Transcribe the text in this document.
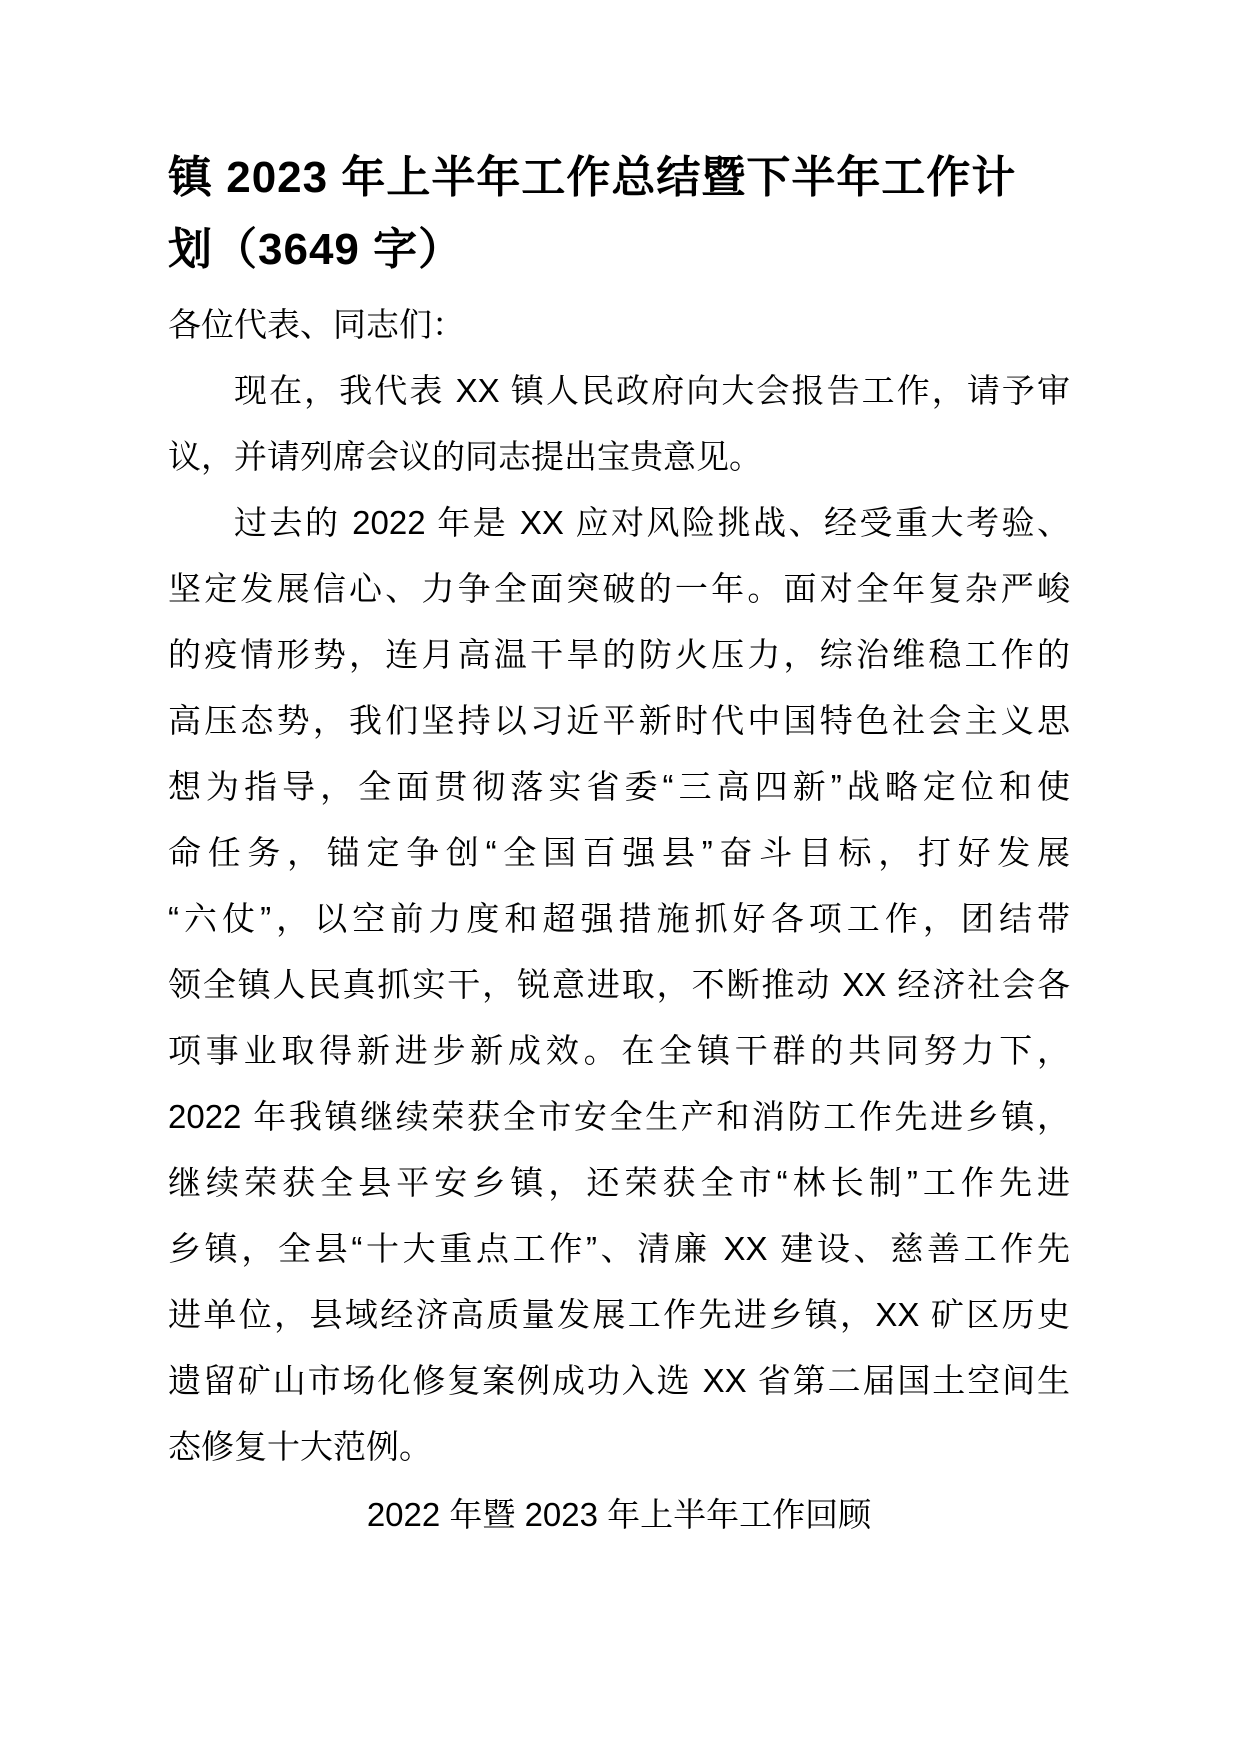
镇 2023 年上半年工作总结暨下半年工作计
划（3649 字）
各位代表、同志们：
现在，我代表 XX 镇人民政府向大会报告工作，请予审
议，并请列席会议的同志提出宝贵意见。
过去的 2022 年是 XX 应对风险挑战、经受重大考验、
坚定发展信心、力争全面突破的一年。面对全年复杂严峻
的疫情形势，连月高温干旱的防火压力，综治维稳工作的
高压态势，我们坚持以习近平新时代中国特色社会主义思
想为指导，全面贯彻落实省委“三高四新”战略定位和使
命任务，锚定争创“全国百强县”奋斗目标，打好发展
“六仗”，以空前力度和超强措施抓好各项工作，团结带
领全镇人民真抓实干，锐意进取，不断推动 XX 经济社会各
项事业取得新进步新成效。在全镇干群的共同努力下，
2022 年我镇继续荣获全市安全生产和消防工作先进乡镇，
继续荣获全县平安乡镇，还荣获全市“林长制”工作先进
乡镇，全县“十大重点工作”、清廉 XX 建设、慈善工作先
进单位，县域经济高质量发展工作先进乡镇，XX 矿区历史
遗留矿山市场化修复案例成功入选 XX 省第二届国土空间生
态修复十大范例。
2022 年暨 2023 年上半年工作回顾
